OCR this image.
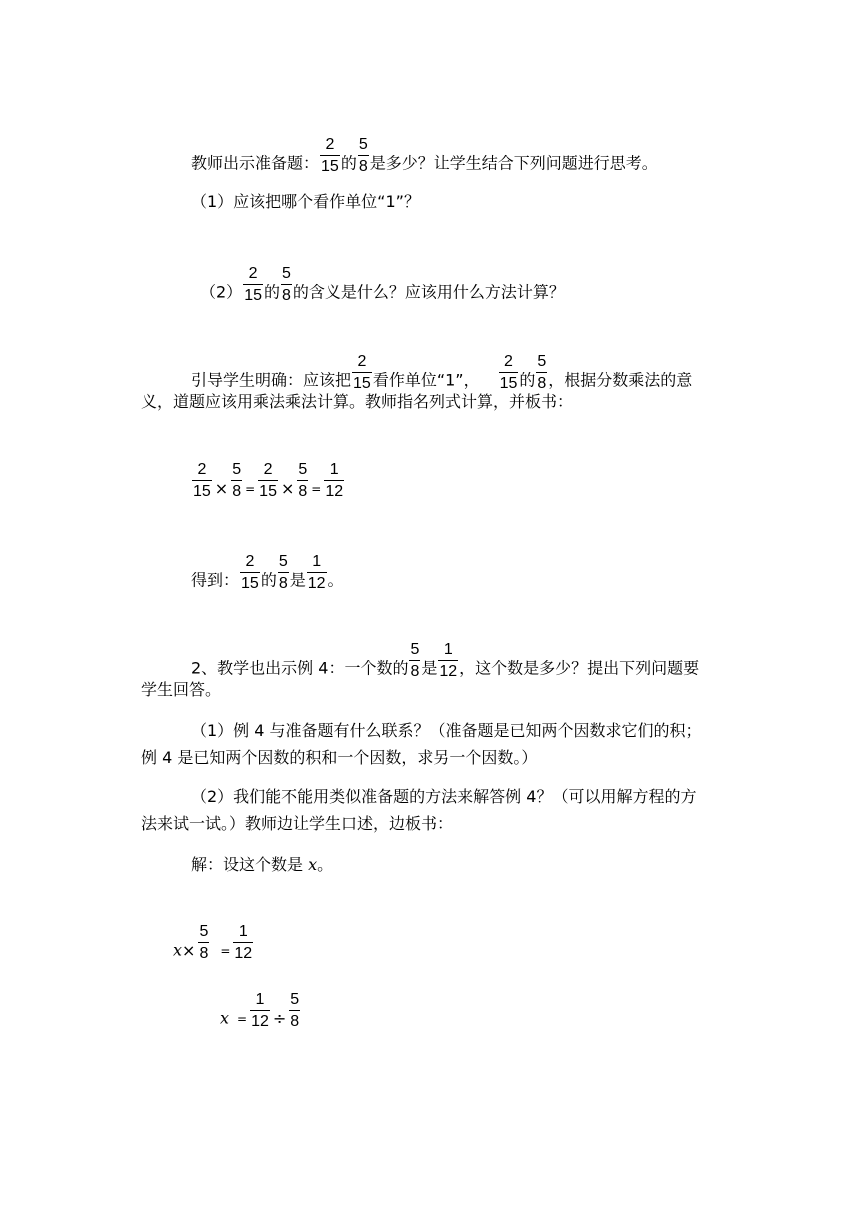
教师出示准备题： $\frac{2}{15}$ 的 $\frac{5}{8}$ 是多少？让学生结合下列问题进行思考。
（1）应该把哪个看作单位“1”？
$(2) \frac{2}{15}$ 的 $\frac{5}{8}$ 的含义是什么？应该用什么方法计算？
引导学生明确：应该把 $\frac{2}{15}$ 看作单位“1”， $\frac{2}{15}$ 的 $\frac{5}{8}$ ，根据分数乘法的意
义，道题应该用乘法乘法计算。教师指名列式计算，并板书：
$\frac{2}{15} \times \frac{5}{8} = \frac{2}{15} \times \frac{5}{8} = \frac{1}{12}$
得到： $\frac{2}{15}$ 的 $\frac{5}{8}$ 是 $\frac{1}{12}$ 。
2、教学也出示例 4：一个数的 $\frac{5}{8}$ 是 $\frac{1}{12}$ ，这个数是多少？提出下列问题要
学生回答。
（1）例 4 与准备题有什么联系？（准备题是已知两个因数求它们的积；
例 4 是已知两个因数的积和一个因数，求另一个因数。）
（2）我们能不能用类似准备题的方法来解答例 4？（可以用解方程的方
法来试一试。）教师边让学生口述，边板书：
解：设这个数是 x。
$x\times \frac{5}{8} = \frac{1}{12}$
$x = \frac{1}{12} \div \frac{5}{8}$
